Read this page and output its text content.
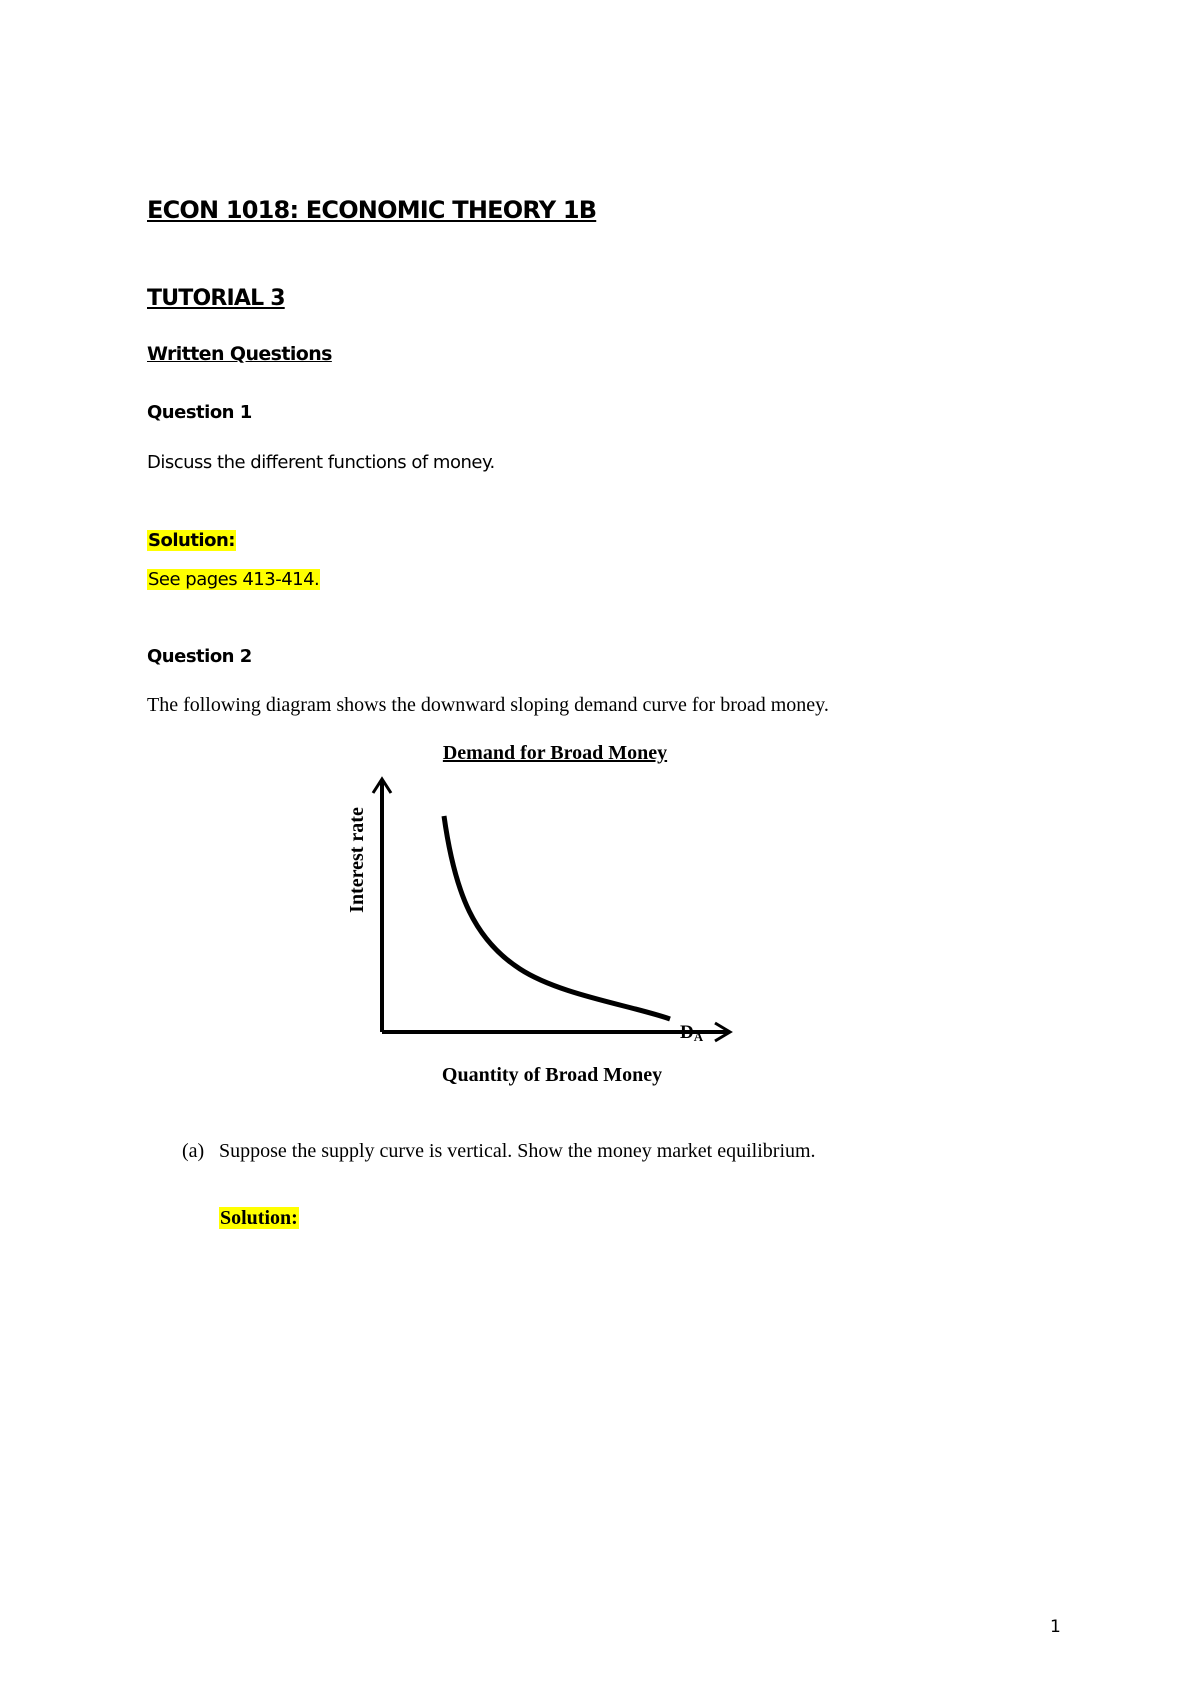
ECON 1018: ECONOMIC THEORY 1B
TUTORIAL 3
Written Questions
Question 1
Discuss the different functions of money.
Solution:
See pages 413-414.
Question 2
The following diagram shows the downward sloping demand curve for broad money.
Demand for Broad Money
Interest rate
DA
Quantity of Broad Money
(a) Suppose the supply curve is vertical. Show the money market equilibrium.
Solution:
1
